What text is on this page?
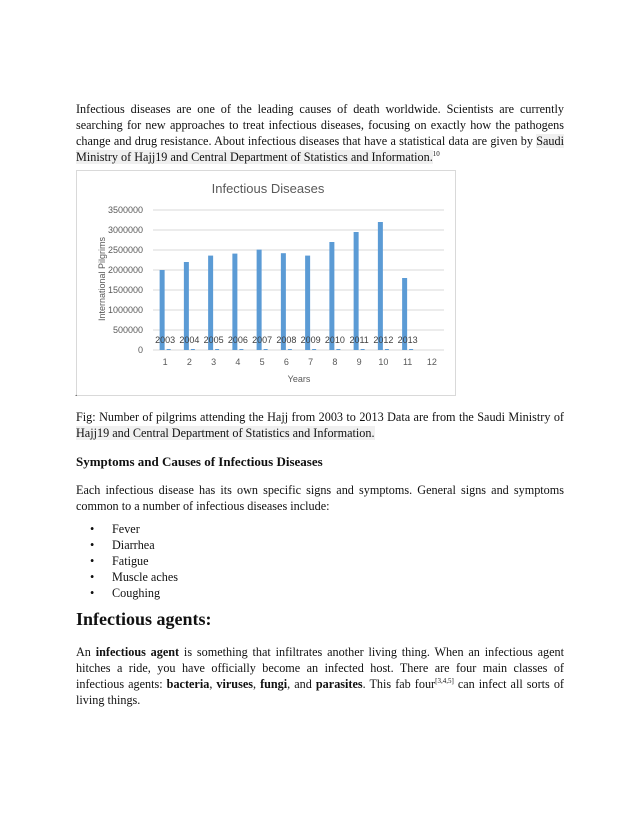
Infectious diseases are one of the leading causes of death worldwide. Scientists are currently searching for new approaches to treat infectious diseases, focusing on exactly how the pathogens change and drug resistance. About infectious diseases that have a statistical data are given by Saudi Ministry of Hajj19 and Central Department of Statistics and Information.$^{10}$

Infectious Diseases
International Pilgrims
Years
0
500000
1000000
1500000
2000000
2500000
3000000
3500000
1 2 3 4 5 6 7 8 9 10 11 12
2003 2004 2005 2006 2007 2008 2009 2010 2011 2012 2013
.

Fig: Number of pilgrims attending the Hajj from 2003 to 2013 Data are from the Saudi Ministry of Hajj19 and Central Department of Statistics and Information.

Symptoms and Causes of Infectious Diseases

Each infectious disease has its own specific signs and symptoms. General signs and symptoms common to a number of infectious diseases include:

• Fever
• Diarrhea
• Fatigue
• Muscle aches
• Coughing
Infectious agents:

An infectious agent is something that infiltrates another living thing. When an infectious agent hitches a ride, you have officially become an infected host. There are four main classes of infectious agents: bacteria, viruses, fungi, and parasites. This fab four[3,4,5] can infect all sorts of living things.
